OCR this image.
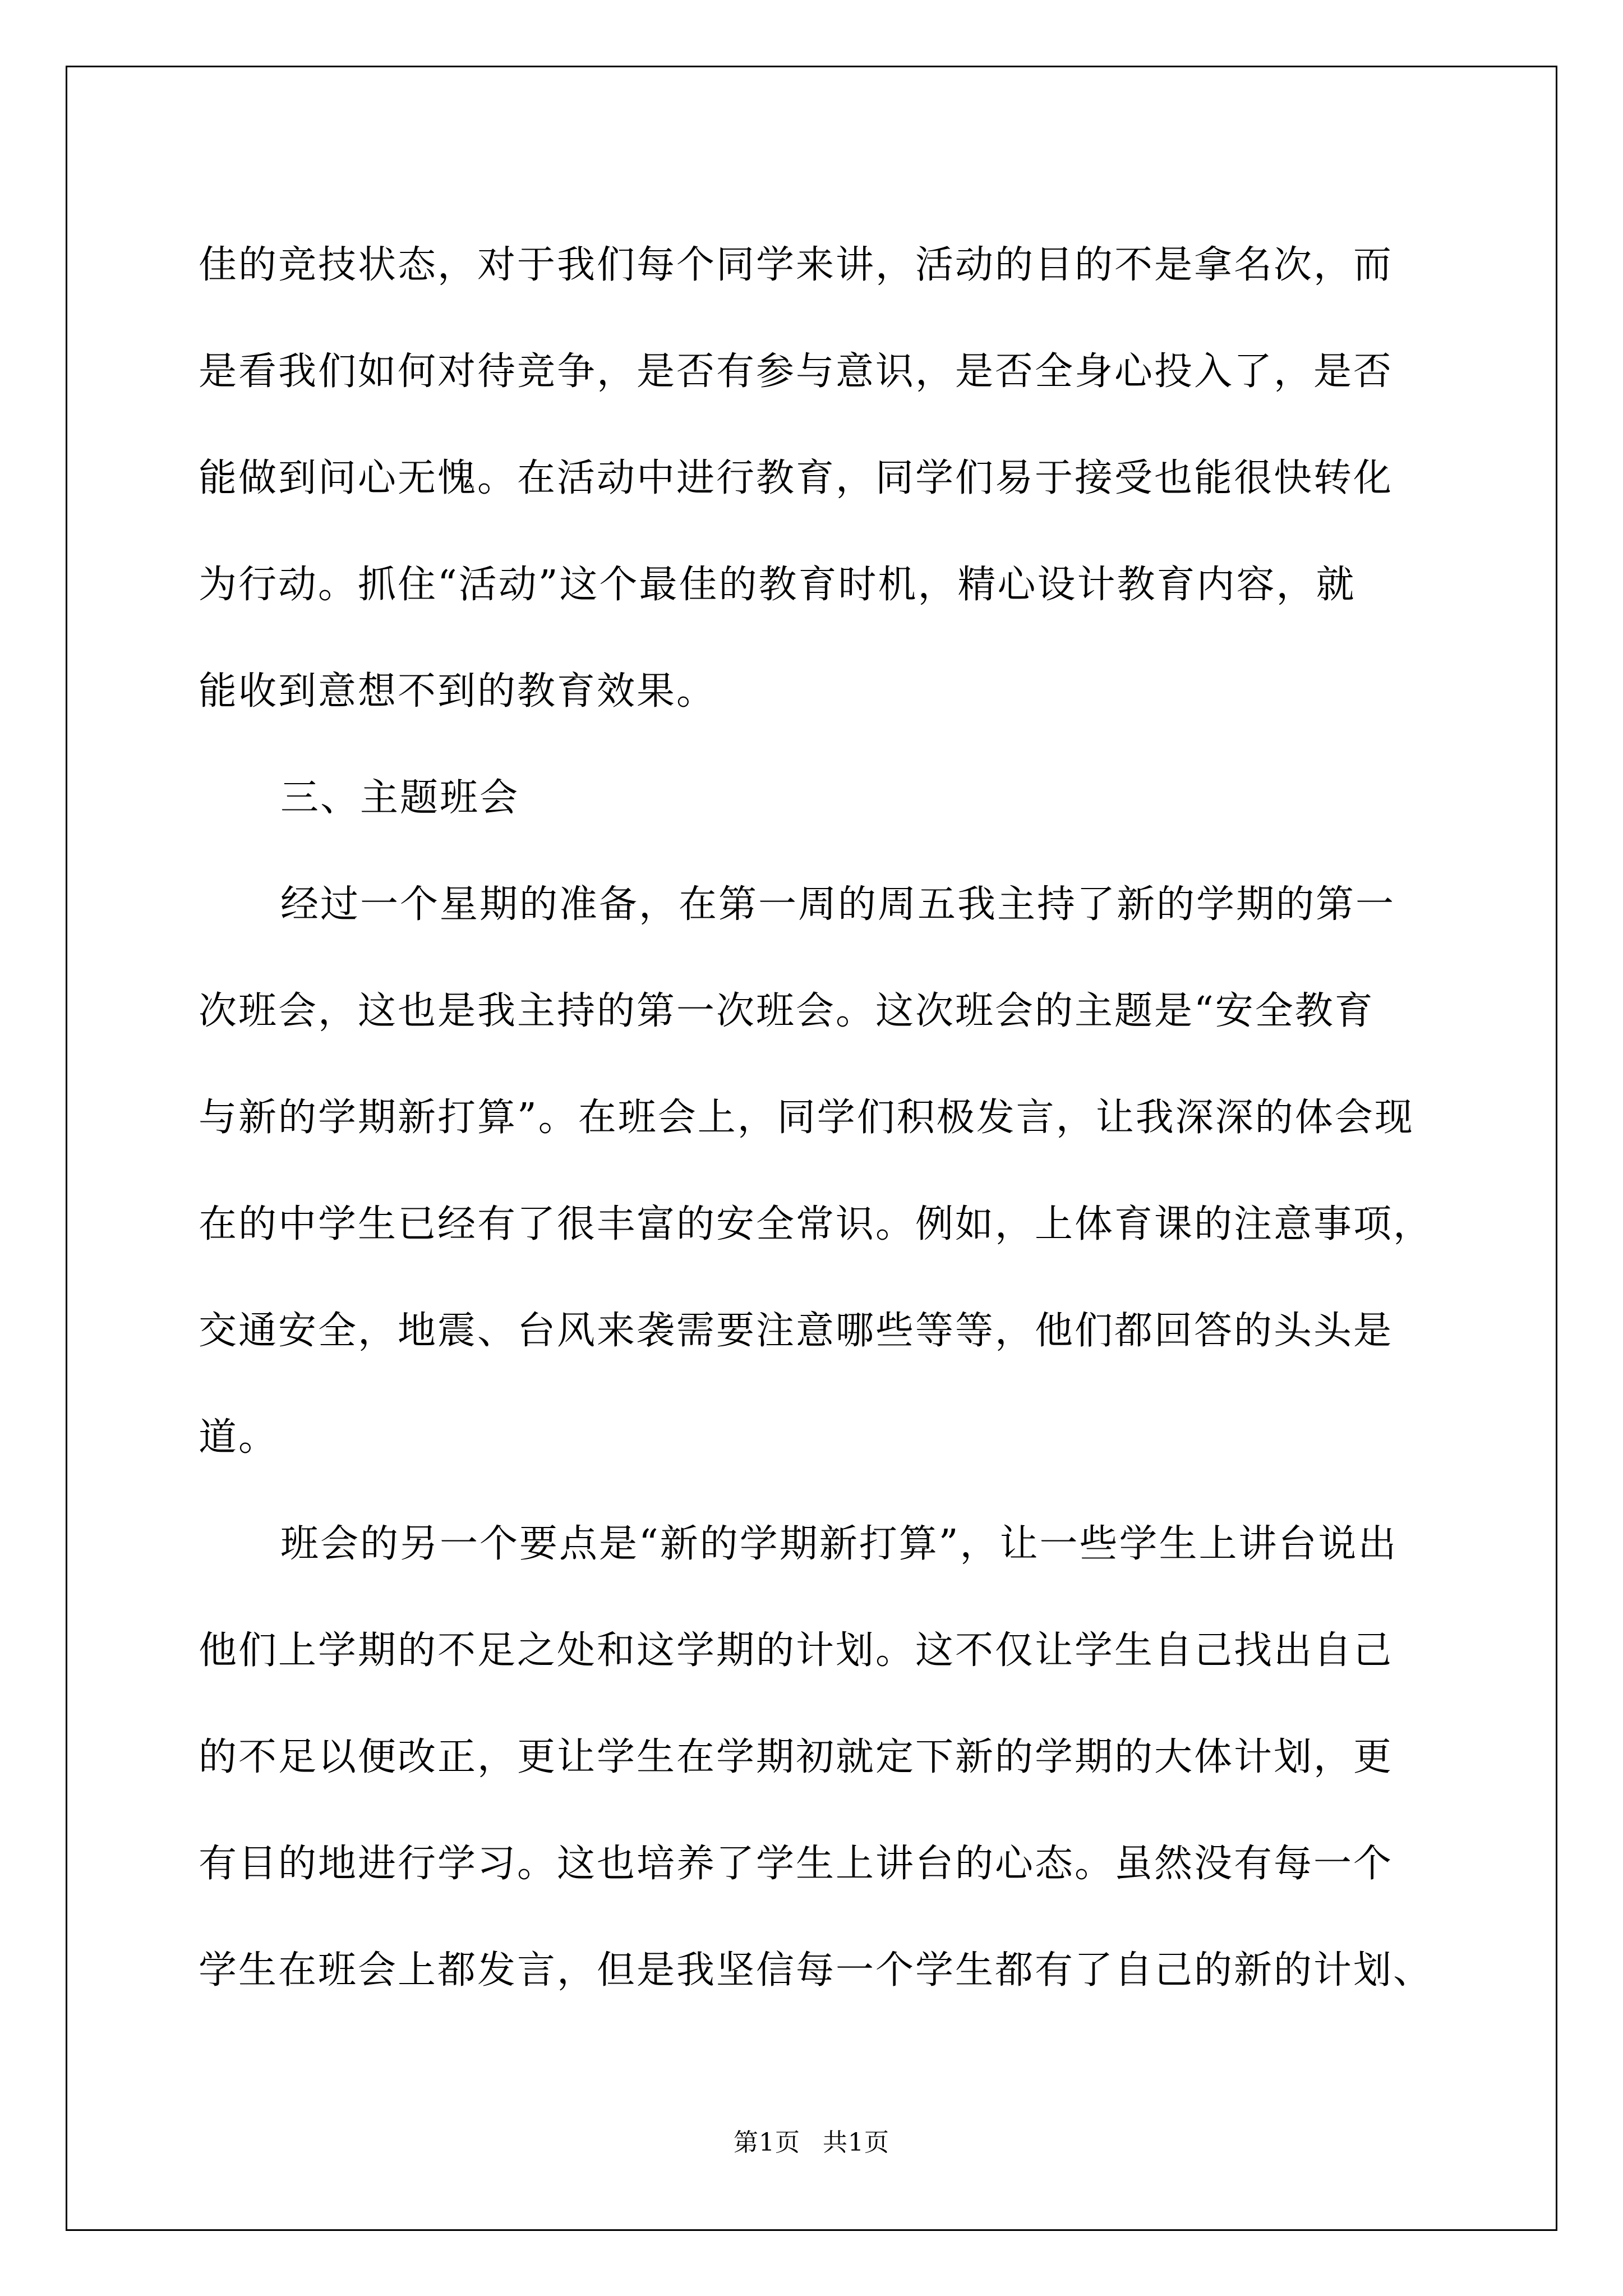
佳的竞技状态，对于我们每个同学来讲，活动的目的不是拿名次，而
是看我们如何对待竞争，是否有参与意识，是否全身心投入了，是否
能做到问心无愧。在活动中进行教育，同学们易于接受也能很快转化
为行动。抓住“活动”这个最佳的教育时机，精心设计教育内容，就
能收到意想不到的教育效果。
三、主题班会
经过一个星期的准备，在第一周的周五我主持了新的学期的第一
次班会，这也是我主持的第一次班会。这次班会的主题是“安全教育
与新的学期新打算”。在班会上，同学们积极发言，让我深深的体会现
在的中学生已经有了很丰富的安全常识。例如，上体育课的注意事项，
交通安全，地震、台风来袭需要注意哪些等等，他们都回答的头头是
道。
班会的另一个要点是“新的学期新打算”，让一些学生上讲台说出
他们上学期的不足之处和这学期的计划。这不仅让学生自己找出自己
的不足以便改正，更让学生在学期初就定下新的学期的大体计划，更
有目的地进行学习。这也培养了学生上讲台的心态。虽然没有每一个
学生在班会上都发言，但是我坚信每一个学生都有了自己的新的计划、
第1页 共1页
